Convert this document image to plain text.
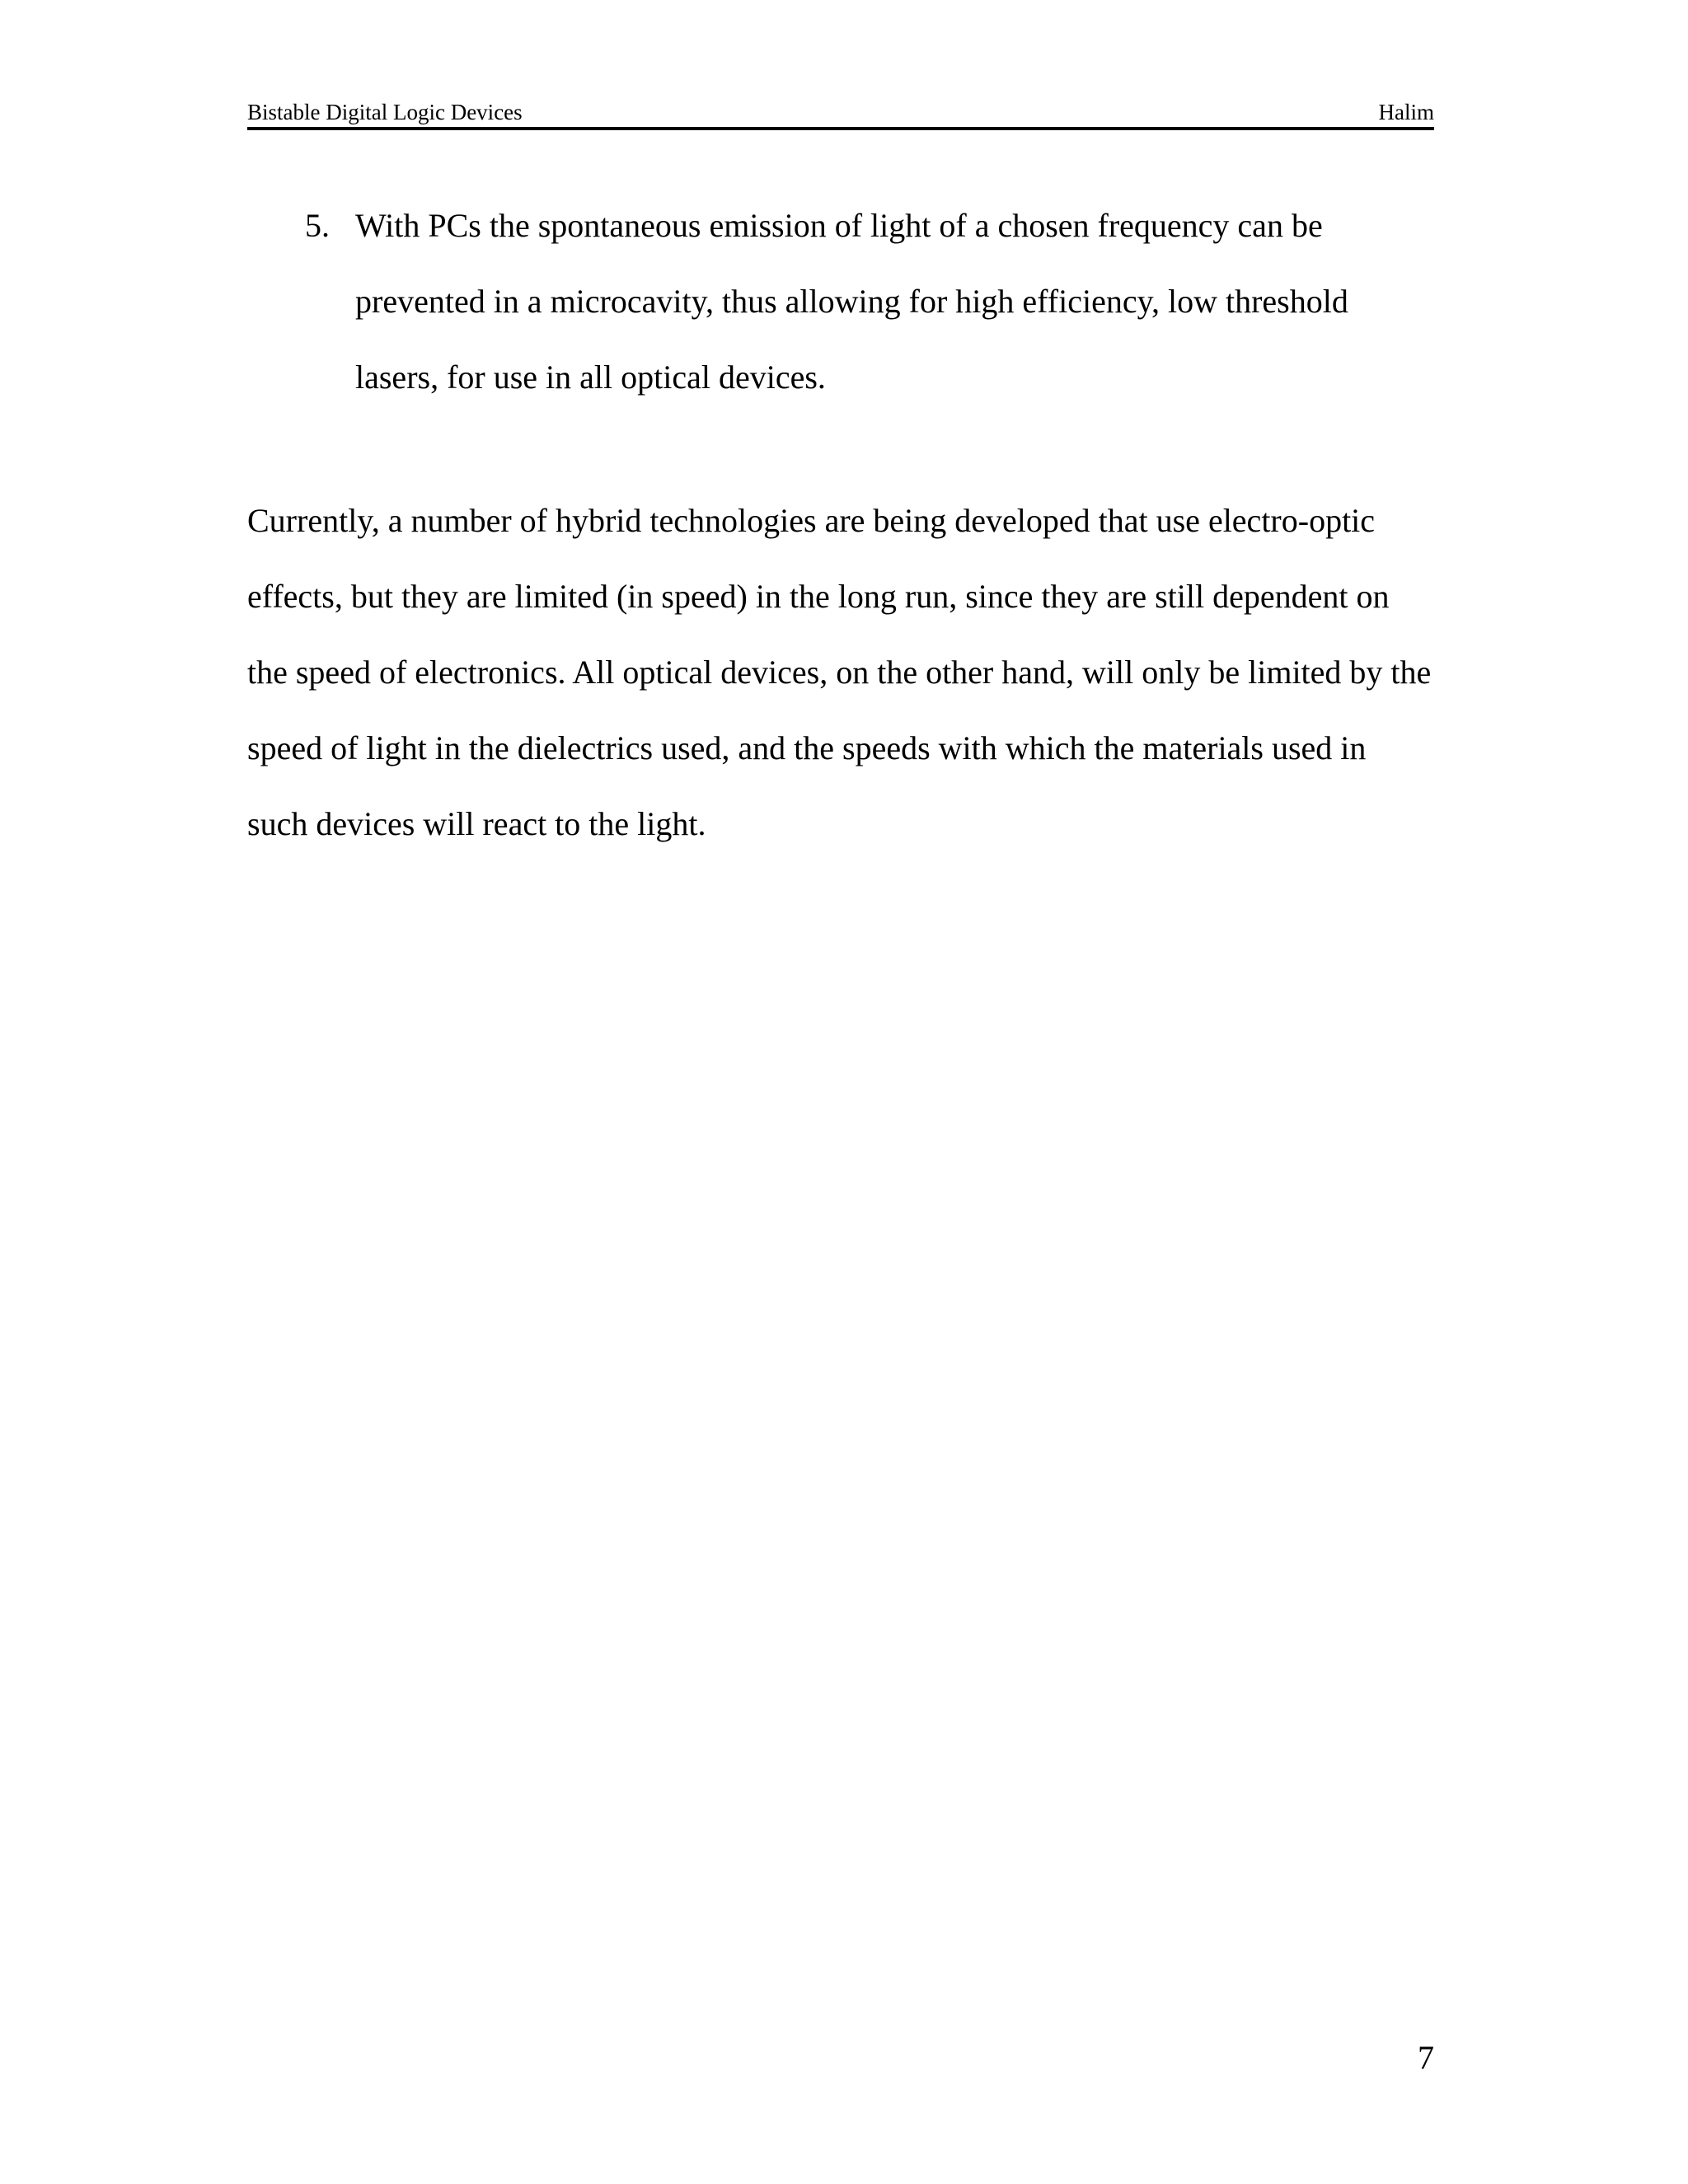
Bistable Digital Logic Devices	Halim
5. With PCs the spontaneous emission of light of a chosen frequency can be
prevented in a microcavity, thus allowing for high efficiency, low threshold
lasers, for use in all optical devices.
Currently, a number of hybrid technologies are being developed that use electro-optic
effects, but they are limited (in speed) in the long run, since they are still dependent on
the speed of electronics. All optical devices, on the other hand, will only be limited by the
speed of light in the dielectrics used, and the speeds with which the materials used in
such devices will react to the light.
7
